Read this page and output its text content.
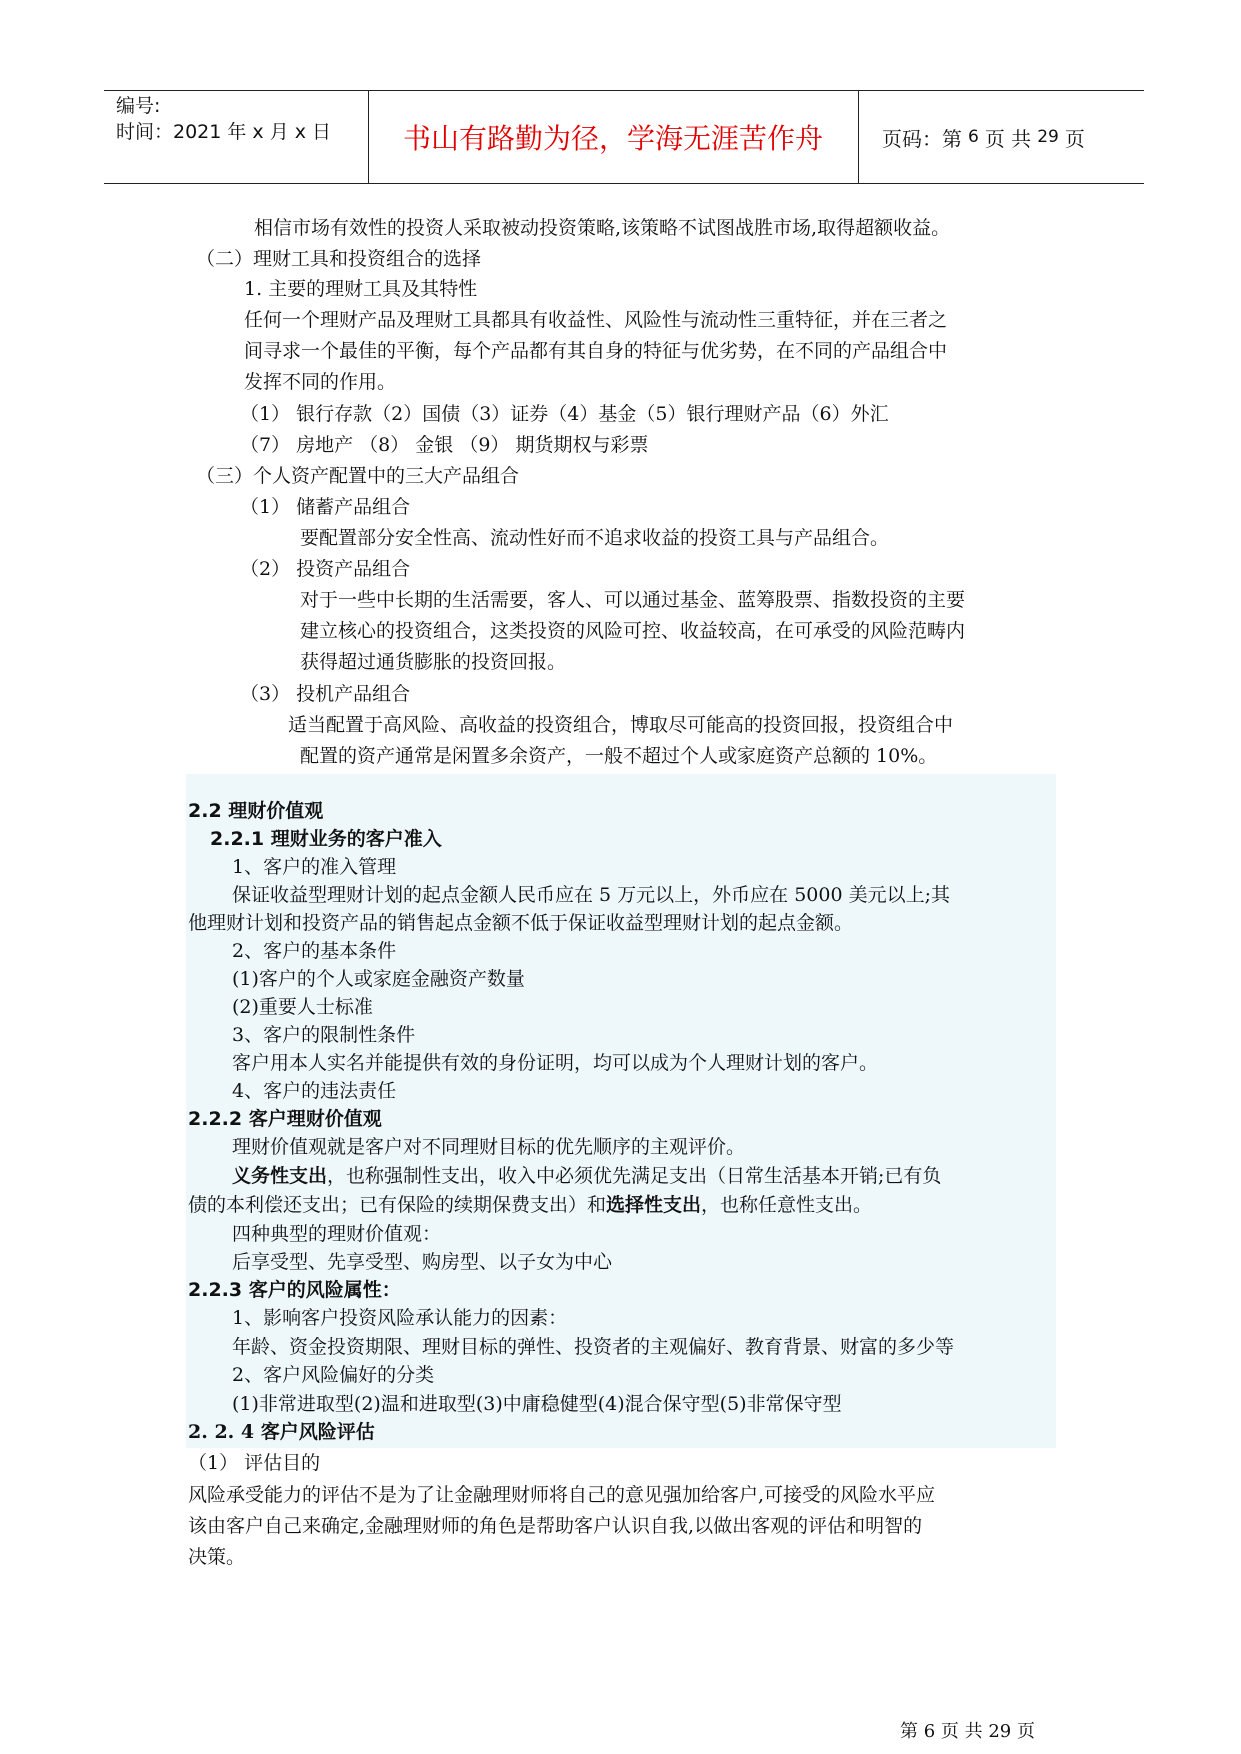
编号:
时间：2021 年 x 月 x 日	书山有路勤为径，学海无涯苦作舟	页码：第 6 页 共 29 页
相信市场有效性的投资人采取被动投资策略,该策略不试图战胜市场,取得超额收益。
（二）理财工具和投资组合的选择
1. 主要的理财工具及其特性
任何一个理财产品及理财工具都具有收益性、风险性与流动性三重特征，并在三者之
间寻求一个最佳的平衡，每个产品都有其自身的特征与优劣势，在不同的产品组合中
发挥不同的作用。
（1） 银行存款（2）国债（3）证券（4）基金（5）银行理财产品（6）外汇
（7） 房地产 （8） 金银 （9） 期货期权与彩票
（三）个人资产配置中的三大产品组合
（1） 储蓄产品组合
要配置部分安全性高、流动性好而不追求收益的投资工具与产品组合。
（2） 投资产品组合
对于一些中长期的生活需要，客人、可以通过基金、蓝筹股票、指数投资的主要
建立核心的投资组合，这类投资的风险可控、收益较高，在可承受的风险范畴内
获得超过通货膨胀的投资回报。
（3） 投机产品组合
适当配置于高风险、高收益的投资组合，博取尽可能高的投资回报，投资组合中
配置的资产通常是闲置多余资产，一般不超过个人或家庭资产总额的 10%。
2.2 理财价值观
2.2.1 理财业务的客户准入
1、客户的准入管理
保证收益型理财计划的起点金额人民币应在 5 万元以上，外币应在 5000 美元以上;其
他理财计划和投资产品的销售起点金额不低于保证收益型理财计划的起点金额。
2、客户的基本条件
(1)客户的个人或家庭金融资产数量
(2)重要人士标准
3、客户的限制性条件
客户用本人实名并能提供有效的身份证明，均可以成为个人理财计划的客户。
4、客户的违法责任
2.2.2 客户理财价值观
理财价值观就是客户对不同理财目标的优先顺序的主观评价。
义务性支出，也称强制性支出，收入中必须优先满足支出（日常生活基本开销;已有负
债的本利偿还支出；已有保险的续期保费支出）和选择性支出，也称任意性支出。
四种典型的理财价值观：
后享受型、先享受型、购房型、以子女为中心
2.2.3 客户的风险属性：
1、影响客户投资风险承认能力的因素：
年龄、资金投资期限、理财目标的弹性、投资者的主观偏好、教育背景、财富的多少等
2、客户风险偏好的分类
(1)非常进取型(2)温和进取型(3)中庸稳健型(4)混合保守型(5)非常保守型
2. 2. 4 客户风险评估
（1） 评估目的
风险承受能力的评估不是为了让金融理财师将自己的意见强加给客户,可接受的风险水平应
该由客户自己来确定,金融理财师的角色是帮助客户认识自我,以做出客观的评估和明智的
决策。
第 6 页 共 29 页
